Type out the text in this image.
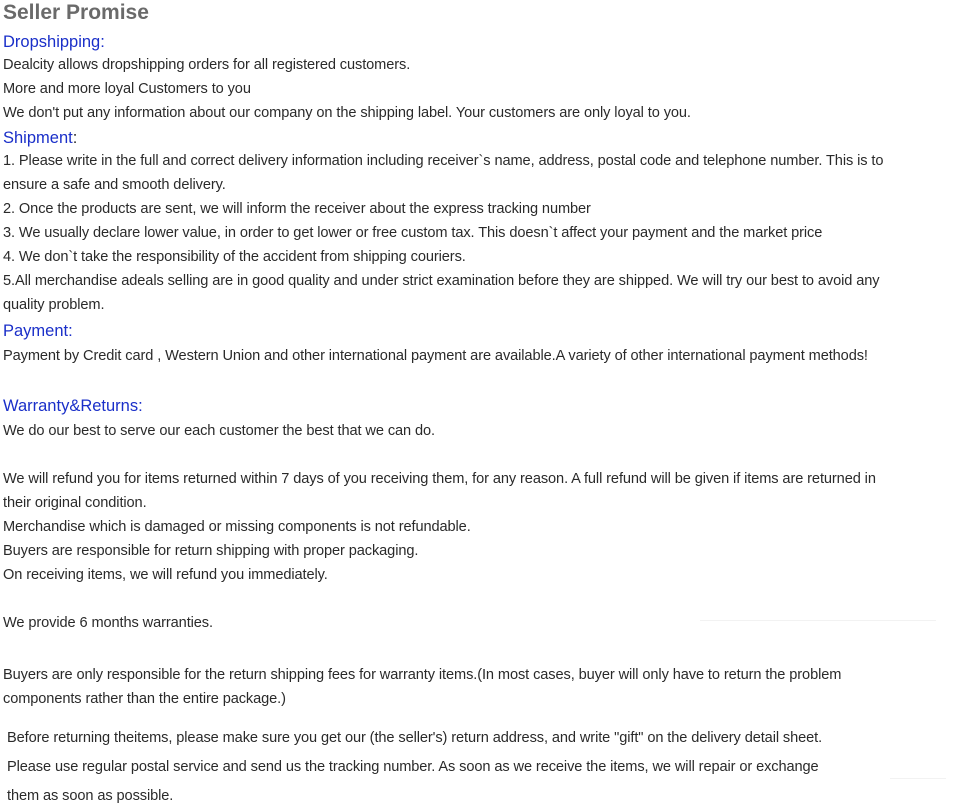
Seller Promise
Dropshipping:
Dealcity allows dropshipping orders for all registered customers.
More and more loyal Customers to you
We don't put any information about our company on the shipping label. Your customers are only loyal to you.
Shipment:
1. Please write in the full and correct delivery information including receiver`s name, address, postal code and telephone number. This is to
ensure a safe and smooth delivery.
2. Once the products are sent, we will inform the receiver about the express tracking number
3. We usually declare lower value, in order to get lower or free custom tax. This doesn`t affect your payment and the market price
4. We don`t take the responsibility of the accident from shipping couriers.
5.All merchandise adeals selling are in good quality and under strict examination before they are shipped. We will try our best to avoid any
quality problem.
Payment:
Payment by Credit card , Western Union and other international payment are available.A variety of other international payment methods!
Warranty&Returns:
We do our best to serve our each customer the best that we can do.
We will refund you for items returned within 7 days of you receiving them, for any reason. A full refund will be given if items are returned in
their original condition.
Merchandise which is damaged or missing components is not refundable.
Buyers are responsible for return shipping with proper packaging.
On receiving items, we will refund you immediately.
We provide 6 months warranties.
Buyers are only responsible for the return shipping fees for warranty items.(In most cases, buyer will only have to return the problem
components rather than the entire package.)
Before returning theitems, please make sure you get our (the seller's) return address, and write "gift" on the delivery detail sheet.
Please use regular postal service and send us the tracking number. As soon as we receive the items, we will repair or exchange
them as soon as possible.
